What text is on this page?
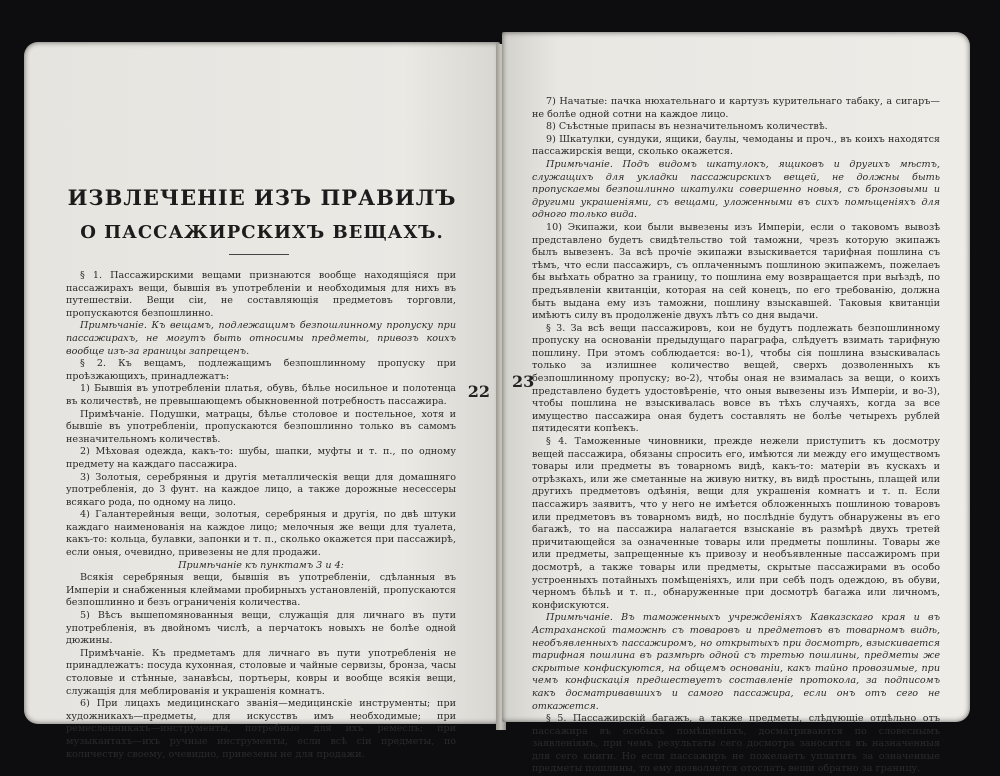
ИЗВЛЕЧЕНІЕ ИЗЪ ПРАВИЛЪ
О ПАССАЖИРСКИХЪ ВЕЩАХЪ.

§ 1. Пассажирскими вещами признаются вообще находящіяся при пассажирахъ вещи, бывшія въ употребленіи и необходимыя для нихъ въ путешествіи. Вещи сіи, не составляющія предметовъ торговли, пропускаются безпошлинно.

Примѣчаніе. Къ вещамъ, подлежащимъ безпошлинному пропуску при пассажирахъ, не могутъ быть относимы предметы, привозъ коихъ вообще изъ-за границы запрещенъ.

§ 2. Къ вещамъ, подлежащимъ безпошлинному пропуску при проѣзжающихъ, принадлежатъ:

1) Бывшія въ употребленіи платья, обувь, бѣлье носильное и полотенца въ количествѣ, не превышающемъ обыкновенной потребность пассажира.

Примѣчаніе. Подушки, матрацы, бѣлье столовое и постельное, хотя и бывшіе въ употребленіи, пропускаются безпошлинно только въ самомъ незначительномъ количествѣ.

2) Мѣховая одежда, какъ-то: шубы, шапки, муфты и т. п., по одному предмету на каждаго пассажира.

3) Золотыя, серебряныя и другія металлическія вещи для домашняго употребленія, до 3 фунт. на каждое лицо, а также дорожные несессеры всякаго рода, по одному на лицо.

4) Галантерейныя вещи, золотыя, серебряныя и другія, по двѣ штуки каждаго наименованія на каждое лицо; мелочныя же вещи для туалета, какъ-то: кольца, булавки, запонки и т. п., сколько окажется при пассажирѣ, если оныя, очевидно, привезены не для продажи.

Примѣчаніе къ пунктамъ 3 и 4:

Всякія серебряныя вещи, бывшія въ употребленіи, сдѣланныя въ Имперіи и снабженныя клеймами пробирныхъ установленій, пропускаются безпошлинно и безъ ограниченія количества.

5) Вѣсъ вышепомянованныя вещи, служащія для личнаго въ пути употребленія, въ двойномъ числѣ, а перчатокъ новыхъ не болѣе одной дюжины.

Примѣчаніе. Къ предметамъ для личнаго въ пути употребленія не принадлежатъ: посуда кухонная, столовые и чайные сервизы, бронза, часы столовые и стѣнные, занавѣсы, портьеры, ковры и вообще всякія вещи, служащія для меблированія и украшенія комнатъ.

6) При лицахъ медицинскаго званія—медицинскіе инструменты; при художникахъ—предметы, для искусствъ имъ необходимые; при ремесленникахъ—инструменты, потребные для ихъ ремеслъ; при музыкантахъ—ихъ ручные инструменты, если всѣ сіи предметы, по количеству своему, очевидно, привезены не для продажи.

22
23

7) Начатые: пачка нюхательнаго и картузъ курительнаго табаку, а сигаръ—не болѣе одной сотни на каждое лицо.

8) Съѣстные припасы въ незначительномъ количествѣ.

9) Шкатулки, сундуки, ящики, баулы, чемоданы и проч., въ коихъ находятся пассажирскія вещи, сколько окажется.

Примѣчаніе. Подъ видомъ шкатулокъ, ящиковъ и другихъ мѣстъ, служащихъ для укладки пассажирскихъ вещей, не должны быть пропускаемы безпошлинно шкатулки совершенно новыя, съ бронзовыми и другими украшеніями, съ вещами, уложенными въ сихъ помѣщеніяхъ для одного только вида.

10) Экипажи, кои были вывезены изъ Имперіи, если о таковомъ вывозѣ представлено будетъ свидѣтельство той таможни, чрезъ которую экипажъ былъ вывезенъ. За всѣ прочіе экипажи взыскивается тарифная пошлина съ тѣмъ, что если пассажиръ, съ оплаченнымъ пошлиною экипажемъ, пожелаеъ бы выѣхать обратно за границу, то пошлина ему возвращается при выѣздѣ, по предъявленіи квитанціи, которая на сей конецъ, по его требованію, должна быть выдана ему изъ таможни, пошлину взыскавшей. Таковыя квитанціи имѣютъ силу въ продолженіе двухъ лѣтъ со дня выдачи.

§ 3. За всѣ вещи пассажировъ, кои не будутъ подлежать безпошлинному пропуску на основаніи предыдущаго параграфа, слѣдуетъ взимать тарифную пошлину. При этомъ соблюдается: во-1), чтобы сія пошлина взыскивалась только за излишнее количество вещей, сверхъ дозволенныхъ къ безпошлинному пропуску; во-2), чтобы оная не взималась за вещи, о коихъ представлено будетъ удостовѣреніе, что оныя вывезены изъ Имперіи, и во-3), чтобы пошлина не взыскивалась вовсе въ тѣхъ случаяхъ, когда за все имущество пассажира оная будетъ составлять не болѣе четырехъ рублей пятидесяти копѣекъ.

§ 4. Таможенные чиновники, прежде нежели приступитъ къ досмотру вещей пассажира, обязаны спросить его, имѣются ли между его имуществомъ товары или предметы въ товарномъ видѣ, какъ-то: матеріи въ кускахъ и отрѣзкахъ, или же сметанные на живую нитку, въ видѣ простынь, плащей или другихъ предметовъ одѣянія, вещи для украшенія комнатъ и т. п. Если пассажиръ заявитъ, что у него не имѣется обложенныхъ пошлиною товаровъ или предметовъ въ товарномъ видѣ, но послѣдніе будутъ обнаружены въ его багажѣ, то на пассажира налагается взысканіе въ размѣрѣ двухъ третей причитающейся за означенные товары или предметы пошлины. Товары же или предметы, запрещенные къ привозу и необъявленные пассажиромъ при досмотрѣ, а также товары или предметы, скрытые пассажирами въ особо устроенныхъ потайныхъ помѣщеніяхъ, или при себѣ подъ одеждою, въ обуви, черномъ бѣльѣ и т. п., обнаруженные при досмотрѣ багажа или личномъ, конфискуются.

Примѣчаніе. Въ таможенныхъ учрежденіяхъ Кавказскаго края и въ Астраханской таможнѣ съ товаровъ и предметовъ въ товарномъ видѣ, необъявленныхъ пассажиромъ, но открытыхъ при досмотрѣ, взыскивается тарифная пошлина въ размѣрѣ одной съ третью пошлины, предметы же скрытые конфискуются, на общемъ основаніи, какъ тайно провозимые, при чемъ конфискація предшествуетъ составленіе протокола, за подписомъ какъ досматривавшихъ и самого пассажира, если онъ отъ сего не откажется.

§ 5. Пассажирскій багажъ, а также предметы, слѣдующіе отдѣльно отъ пассажира въ особыхъ помѣщеніяхъ, досматриваются по словеснымъ заявленіямъ, при чемъ результаты сего досмотра заносятся въ назначенныя для сего книги. Но если пассажиръ не пожелаетъ уплатить за означенные предметы пошлины, то ему дозволяется отослать вещи обратно за границу.
